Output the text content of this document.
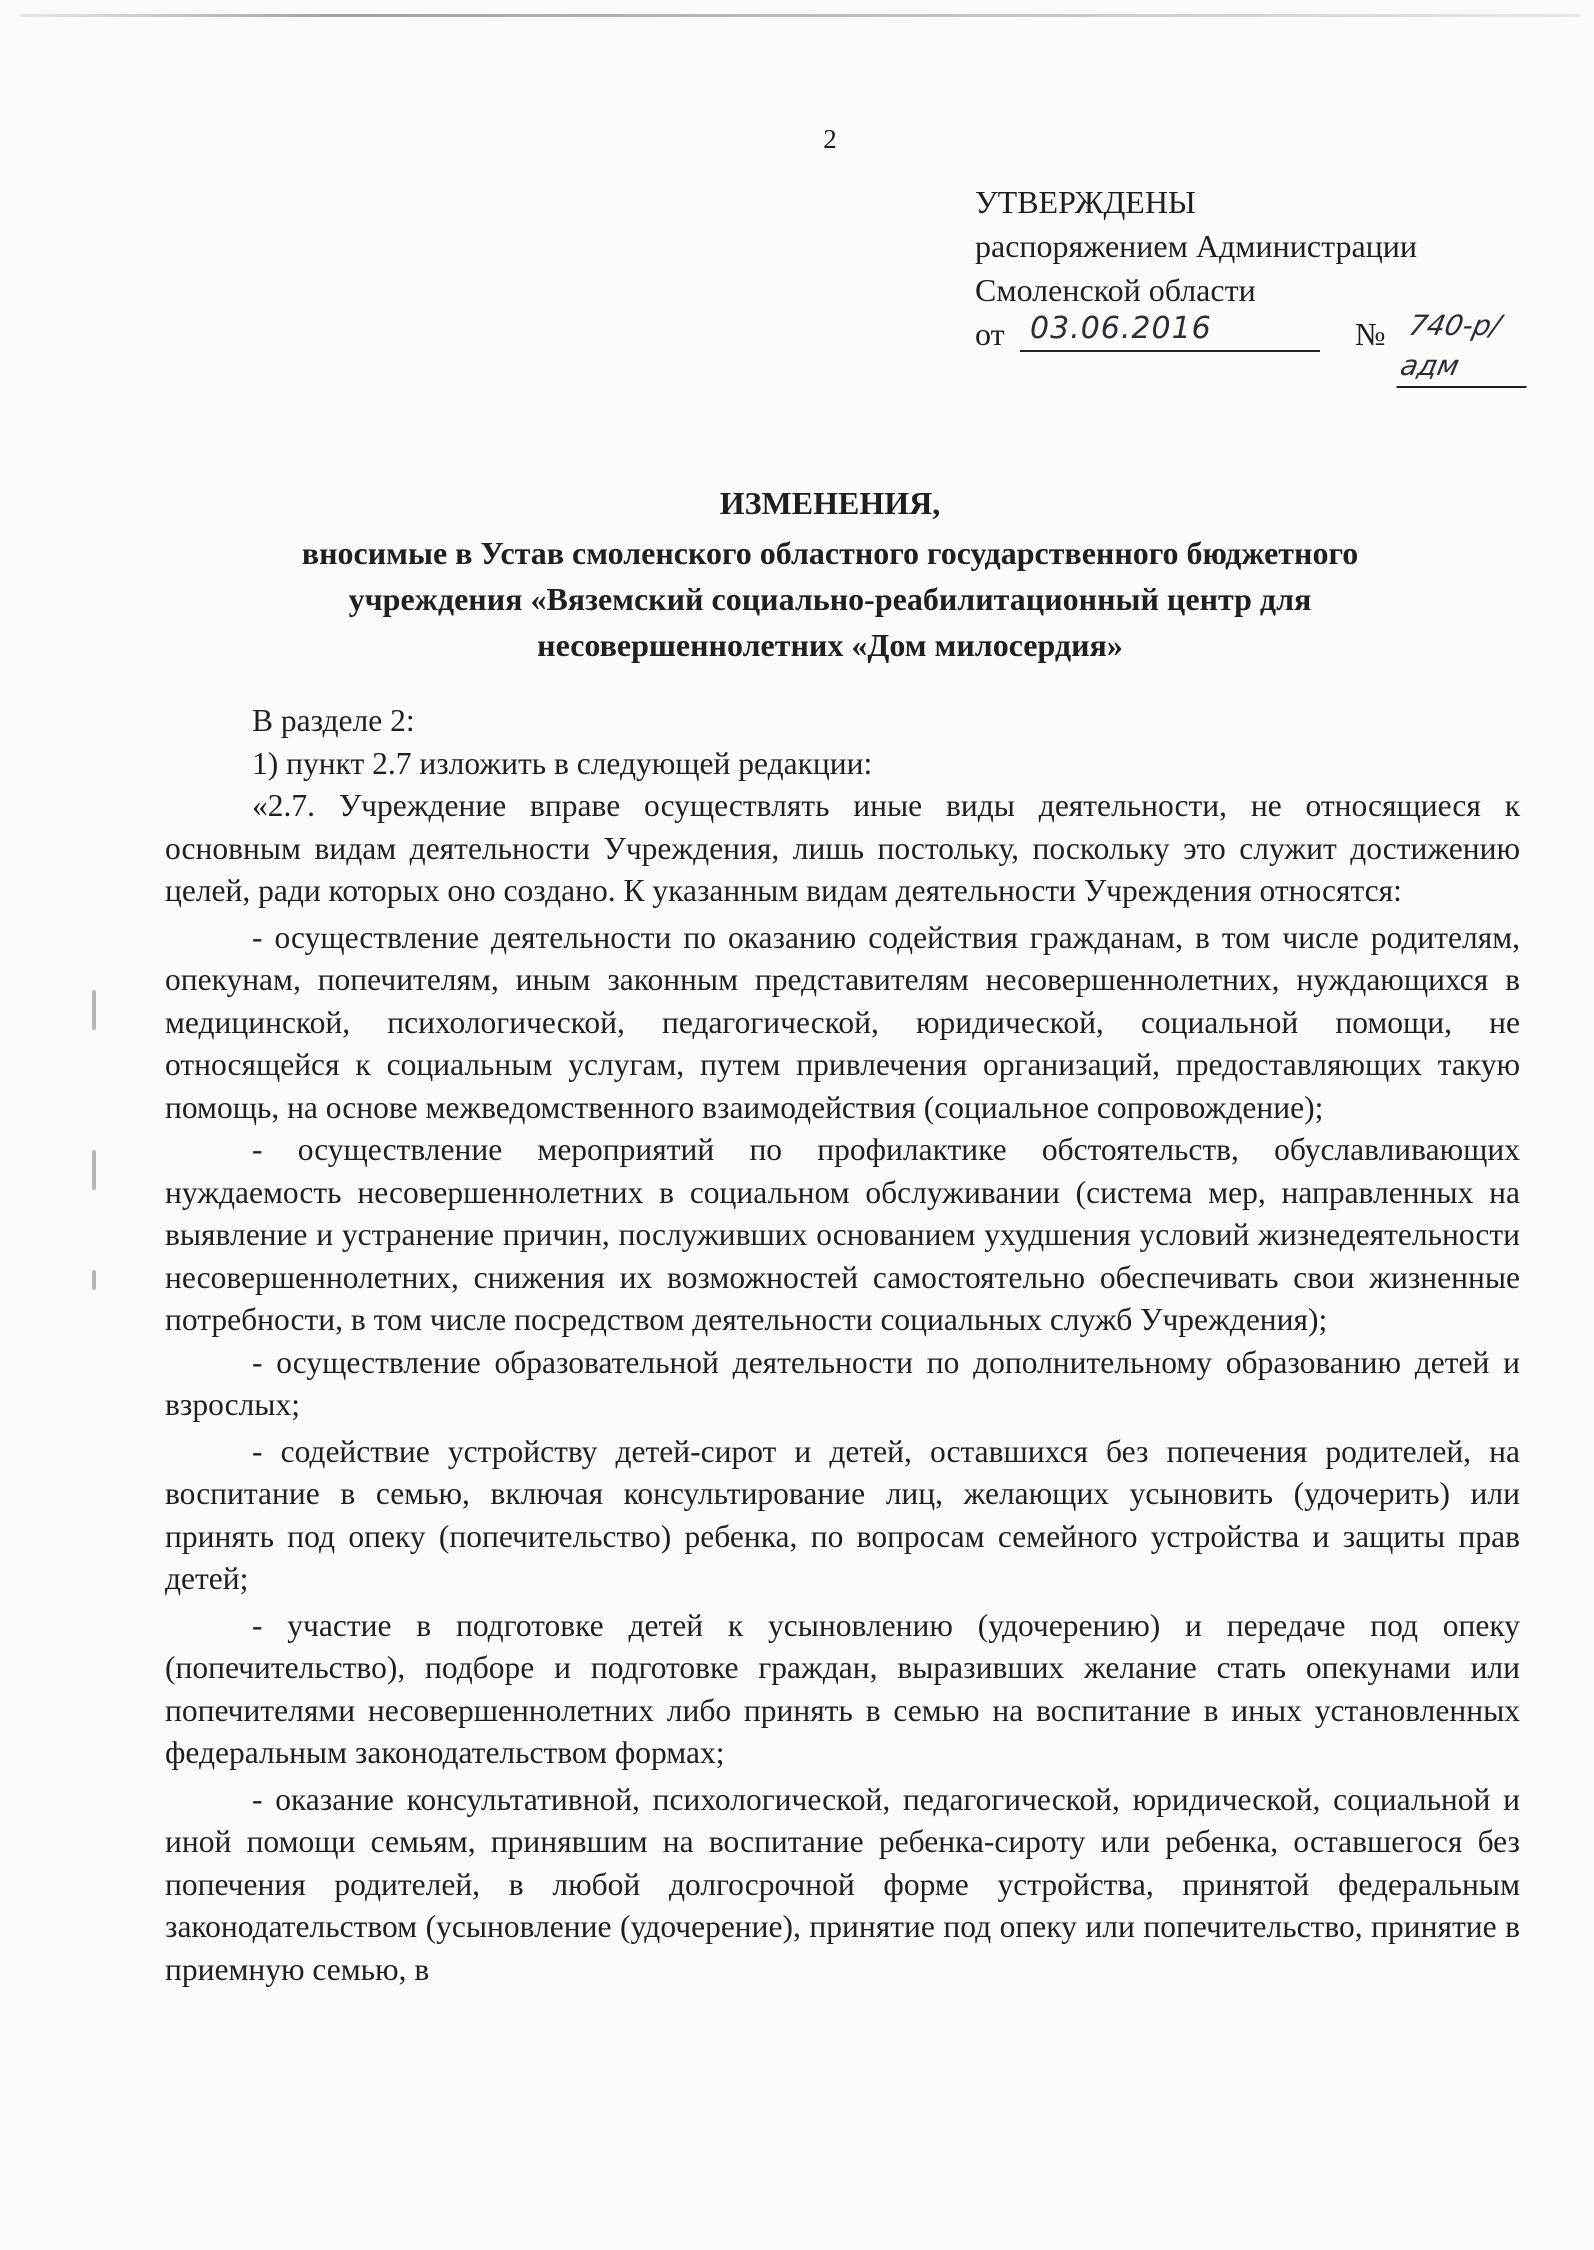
2
УТВЕРЖДЕНЫ
распоряжением Администрации
Смоленской области
от 03.06.2016	№ 740-р/адм
ИЗМЕНЕНИЯ,
вносимые в Устав смоленского областного государственного бюджетного
учреждения «Вяземский социально-реабилитационный центр для
несовершеннолетних «Дом милосердия»

В разделе 2:

1) пункт 2.7 изложить в следующей редакции:

«2.7. Учреждение вправе осуществлять иные виды деятельности, не относящиеся к основным видам деятельности Учреждения, лишь постольку, поскольку это служит достижению целей, ради которых оно создано. К указанным видам деятельности Учреждения относятся:

- осуществление деятельности по оказанию содействия гражданам, в том числе родителям, опекунам, попечителям, иным законным представителям несовершеннолетних, нуждающихся в медицинской, психологической, педагогической, юридической, социальной помощи, не относящейся к социальным услугам, путем привлечения организаций, предоставляющих такую помощь, на основе межведомственного взаимодействия (социальное сопровождение);

- осуществление мероприятий по профилактике обстоятельств, обуславливающих нуждаемость несовершеннолетних в социальном обслуживании (система мер, направленных на выявление и устранение причин, послуживших основанием ухудшения условий жизнедеятельности несовершеннолетних, снижения их возможностей самостоятельно обеспечивать свои жизненные потребности, в том числе посредством деятельности социальных служб Учреждения);

- осуществление образовательной деятельности по дополнительному образованию детей и взрослых;

- содействие устройству детей-сирот и детей, оставшихся без попечения родителей, на воспитание в семью, включая консультирование лиц, желающих усыновить (удочерить) или принять под опеку (попечительство) ребенка, по вопросам семейного устройства и защиты прав детей;

- участие в подготовке детей к усыновлению (удочерению) и передаче под опеку (попечительство), подборе и подготовке граждан, выразивших желание стать опекунами или попечителями несовершеннолетних либо принять в семью на воспитание в иных установленных федеральным законодательством формах;

- оказание консультативной, психологической, педагогической, юридической, социальной и иной помощи семьям, принявшим на воспитание ребенка-сироту или ребенка, оставшегося без попечения родителей, в любой долгосрочной форме устройства, принятой федеральным законодательством (усыновление (удочерение), принятие под опеку или попечительство, принятие в приемную семью, в
